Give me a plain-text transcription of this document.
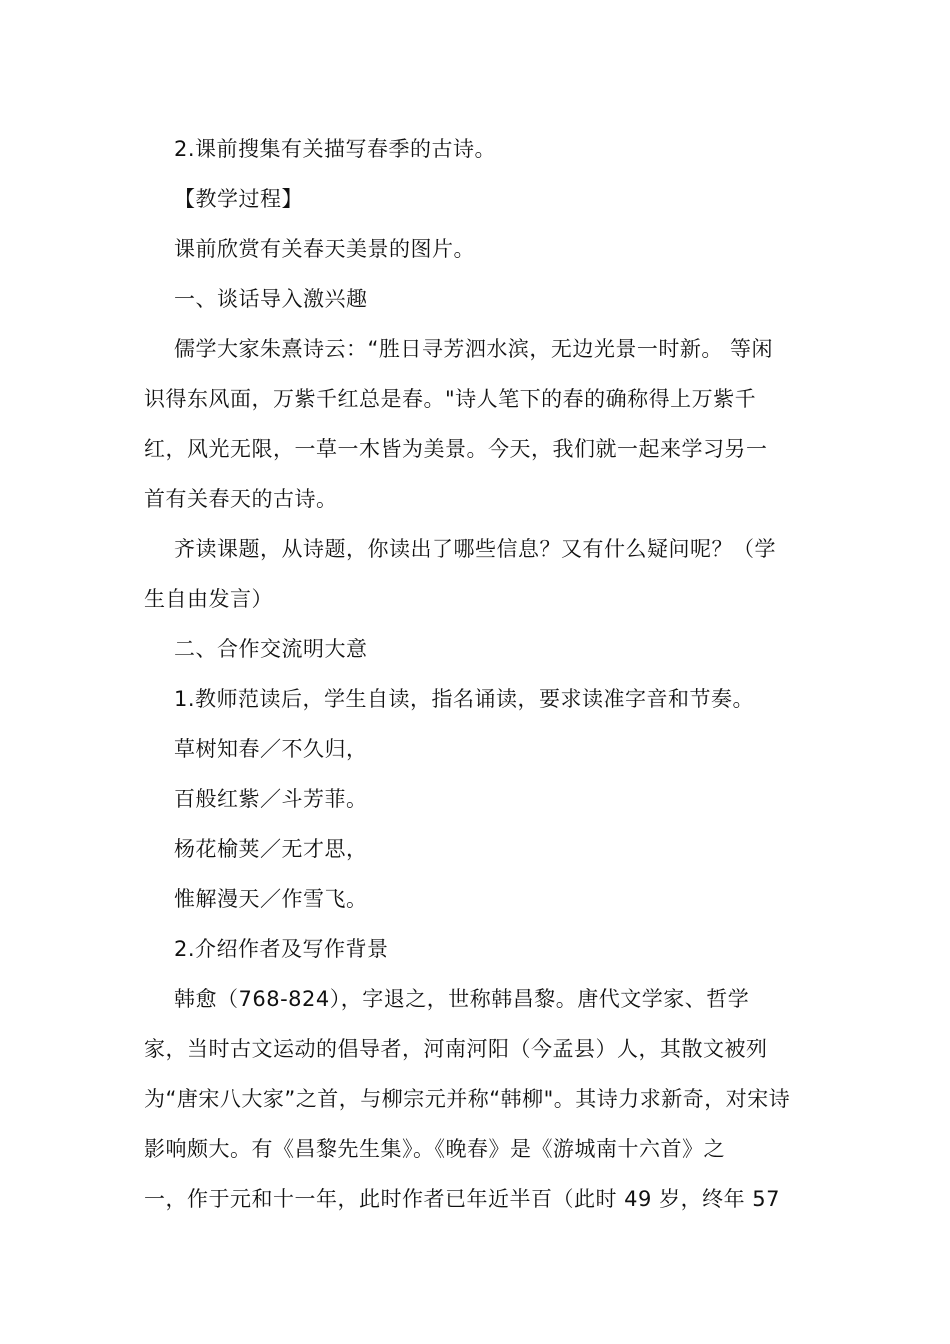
2.课前搜集有关描写春季的古诗。

【教学过程】

课前欣赏有关春天美景的图片。

一、谈话导入激兴趣

儒学大家朱熹诗云：“胜日寻芳泗水滨，无边光景一时新。 等闲
识得东风面，万紫千红总是春。"诗人笔下的春的确称得上万紫千
红，风光无限，一草一木皆为美景。今天，我们就一起来学习另一
首有关春天的古诗。

齐读课题，从诗题，你读出了哪些信息？又有什么疑问呢？（学
生自由发言）

二、合作交流明大意

1.教师范读后，学生自读，指名诵读，要求读准字音和节奏。

草树知春／不久归，

百般红紫／斗芳菲。

杨花榆荚／无才思，

惟解漫天／作雪飞。

2.介绍作者及写作背景

韩愈（768-824），字退之，世称韩昌黎。唐代文学家、哲学
家，当时古文运动的倡导者，河南河阳（今孟县）人，其散文被列
为“唐宋八大家”之首，与柳宗元并称“韩柳"。其诗力求新奇，对宋诗
影响颇大。有《昌黎先生集》。《晚春》是《游城南十六首》之
一，作于元和十一年，此时作者已年近半百（此时 49 岁，终年 57
